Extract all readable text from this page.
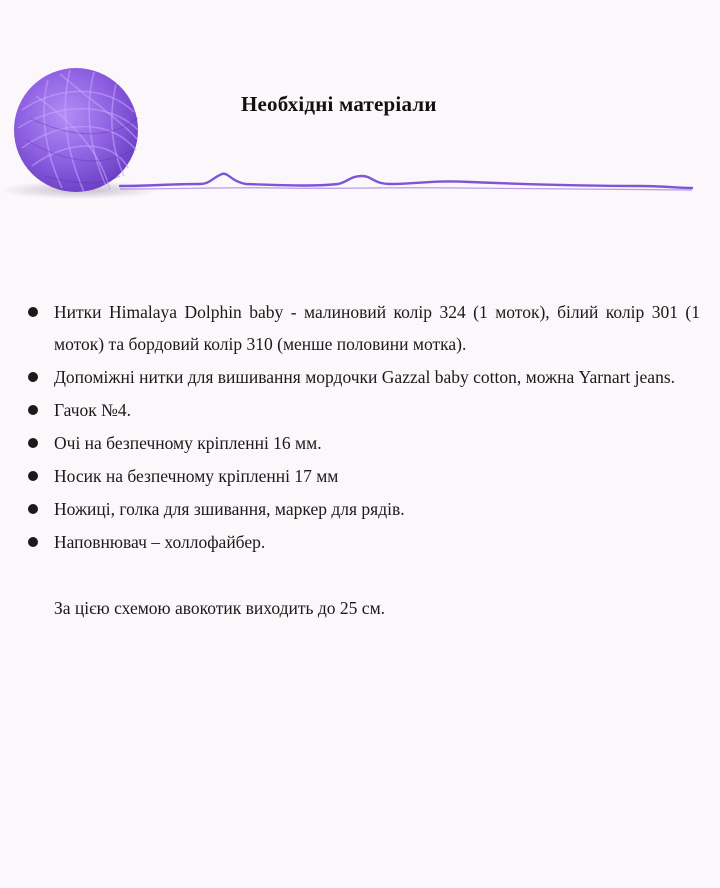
Необхідні матеріали
Нитки Himalaya Dolphin baby - малиновий колір 324 (1 моток), білий колір 301 (1 моток) та бордовий колір 310 (менше половини мотка).
Допоміжні нитки для вишивання мордочки Gazzal baby cotton, можна Yarnart jeans.
Гачок №4.
Очі на безпечному кріпленні 16 мм.
Носик на безпечному кріпленні 17 мм
Ножиці, голка для зшивання, маркер для рядів.
Наповнювач – холлофайбер.

За цією схемою авокотик виходить до 25 см.
